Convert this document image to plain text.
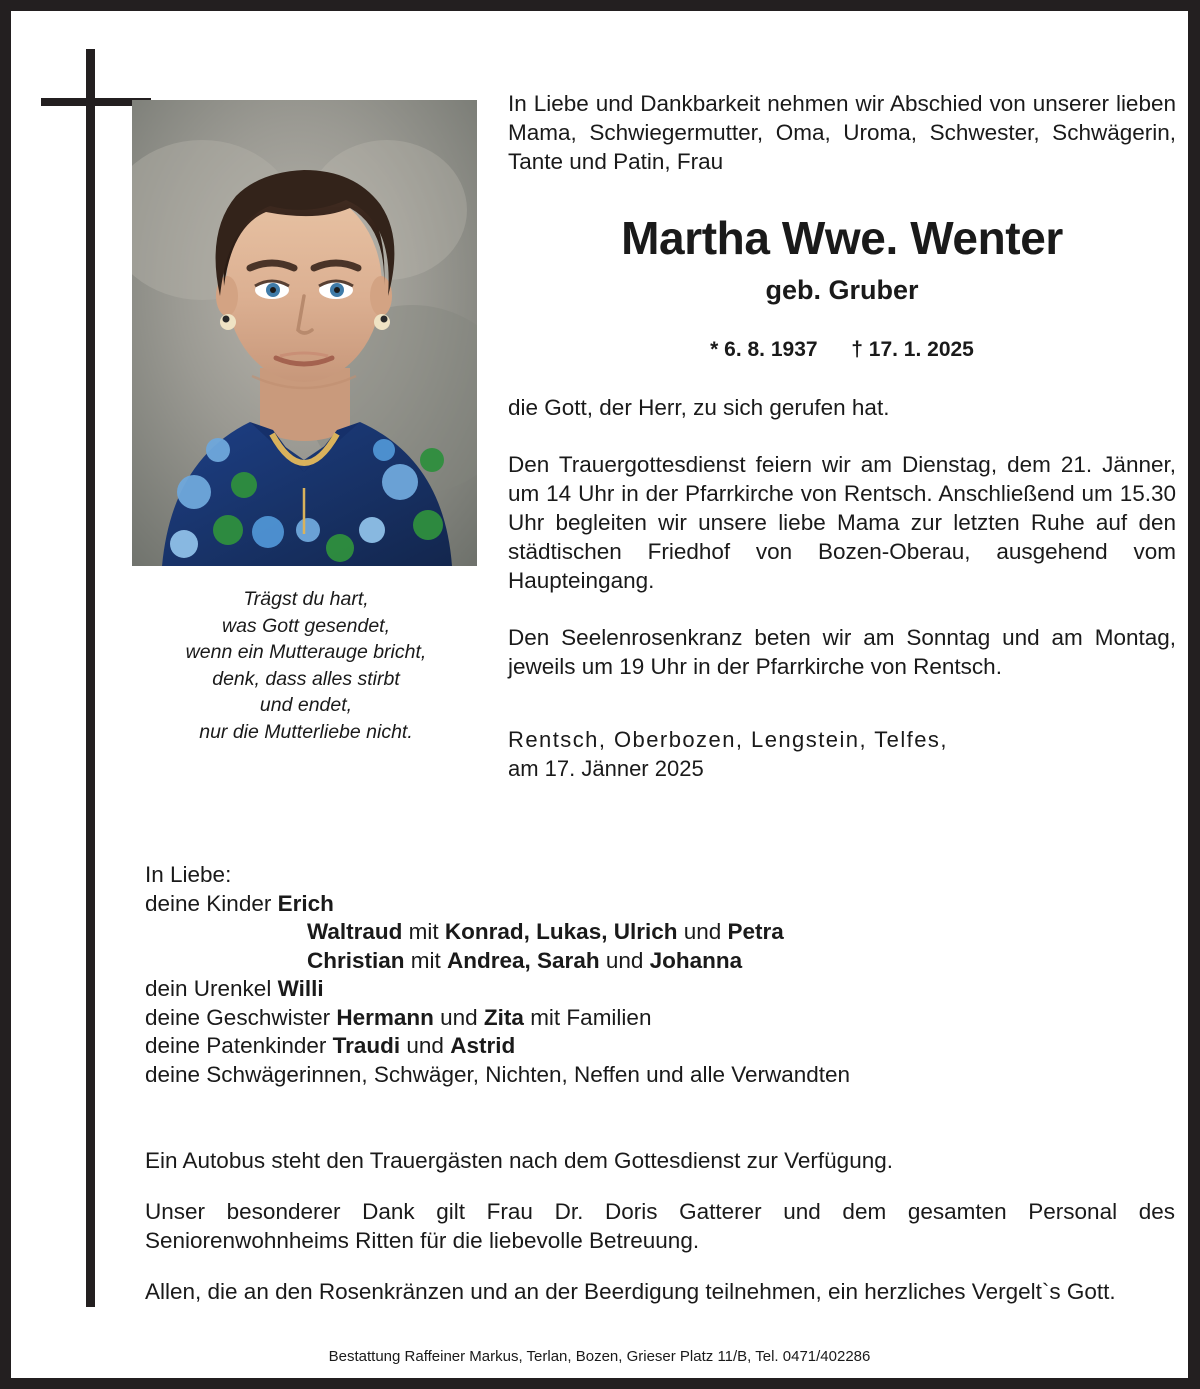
Trägst du hart,
was Gott gesendet,
wenn ein Mutterauge bricht,
denk, dass alles stirbt
und endet,
nur die Mutterliebe nicht.

In Liebe und Dankbarkeit nehmen wir Abschied von unserer lieben Mama, Schwiegermutter, Oma, Uroma, Schwester, Schwägerin, Tante und Patin, Frau

Martha Wwe. Wenter
geb. Gruber
* 6. 8. 1937 † 17. 1. 2025

die Gott, der Herr, zu sich gerufen hat.

Den Trauergottesdienst feiern wir am Dienstag, dem 21. Jänner, um 14 Uhr in der Pfarrkirche von Rentsch. Anschließend um 15.30 Uhr begleiten wir unsere liebe Mama zur letzten Ruhe auf den städtischen Friedhof von Bozen-Oberau, ausgehend vom Haupteingang.

Den Seelenrosenkranz beten wir am Sonntag und am Montag, jeweils um 19 Uhr in der Pfarrkirche von Rentsch.

Rentsch, Oberbozen, Lengstein, Telfes,

am 17. Jänner 2025

In Liebe:
deine Kinder Erich
Waltraud mit Konrad, Lukas, Ulrich und Petra
Christian mit Andrea, Sarah und Johanna
dein Urenkel Willi
deine Geschwister Hermann und Zita mit Familien
deine Patenkinder Traudi und Astrid
deine Schwägerinnen, Schwäger, Nichten, Neffen und alle Verwandten

Ein Autobus steht den Trauergästen nach dem Gottesdienst zur Verfügung.

Unser besonderer Dank gilt Frau Dr. Doris Gatterer und dem gesamten Personal des Seniorenwohnheims Ritten für die liebevolle Betreuung.

Allen, die an den Rosenkränzen und an der Beerdigung teilnehmen, ein herzliches Vergelt`s Gott.

Bestattung Raffeiner Markus, Terlan, Bozen, Grieser Platz 11/B, Tel. 0471/402286
